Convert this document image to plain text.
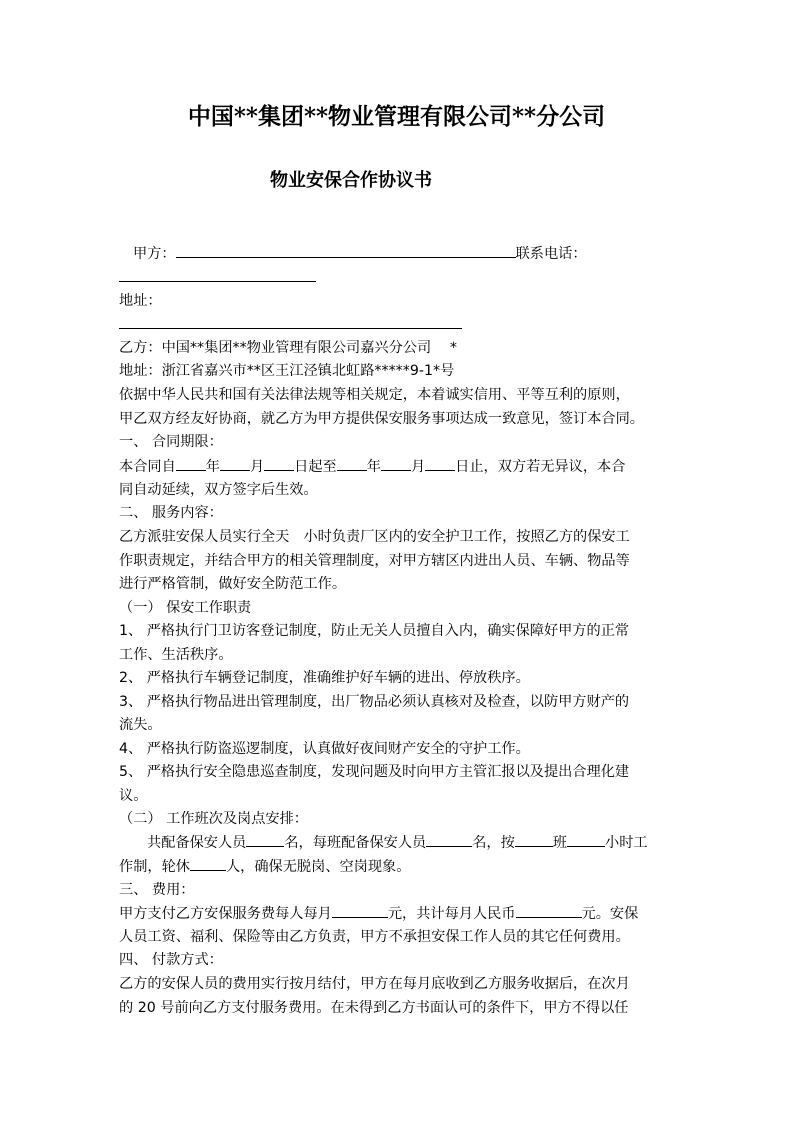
中国**集团**物业管理有限公司**分公司
物业安保合作协议书
甲方：	联系电话：
地址：
乙方：中国**集团**物业管理有限公司嘉兴分公司　 *
地址：浙江省嘉兴市**区王江泾镇北虹路*****9-1*号
依据中华人民共和国有关法律法规等相关规定，本着诚实信用、平等互利的原则，
甲乙双方经友好协商，就乙方为甲方提供保安服务事项达成一致意见，签订本合同。
一、 合同期限：
本合同自 年 月 日起至 年 月 日止，双方若无异议，本合
同自动延续，双方签字后生效。
二、 服务内容：
乙方派驻安保人员实行全天　小时负责厂区内的安全护卫工作，按照乙方的保安工
作职责规定，并结合甲方的相关管理制度，对甲方辖区内进出人员、车辆、物品等
进行严格管制，做好安全防范工作。
（一） 保安工作职责
1、 严格执行门卫访客登记制度，防止无关人员擅自入内，确实保障好甲方的正常
工作、生活秩序。
2、 严格执行车辆登记制度，准确维护好车辆的进出、停放秩序。
3、 严格执行物品进出管理制度，出厂物品必须认真核对及检查，以防甲方财产的
流失。
4、 严格执行防盗巡逻制度，认真做好夜间财产安全的守护工作。
5、 严格执行安全隐患巡查制度，发现问题及时向甲方主管汇报以及提出合理化建
议。
（二） 工作班次及岗点安排：
共配备保安人员	名，每班配备保安人员	名，按	班	小时工
作制，轮休	人，确保无脱岗、空岗现象。
三、 费用：
甲方支付乙方安保服务费每人每月	元，共计每月人民币	元。安保
人员工资、福利、保险等由乙方负责，甲方不承担安保工作人员的其它任何费用。
四、 付款方式：
乙方的安保人员的费用实行按月结付，甲方在每月底收到乙方服务收据后，在次月
的 20 号前向乙方支付服务费用。在未得到乙方书面认可的条件下，甲方不得以任
